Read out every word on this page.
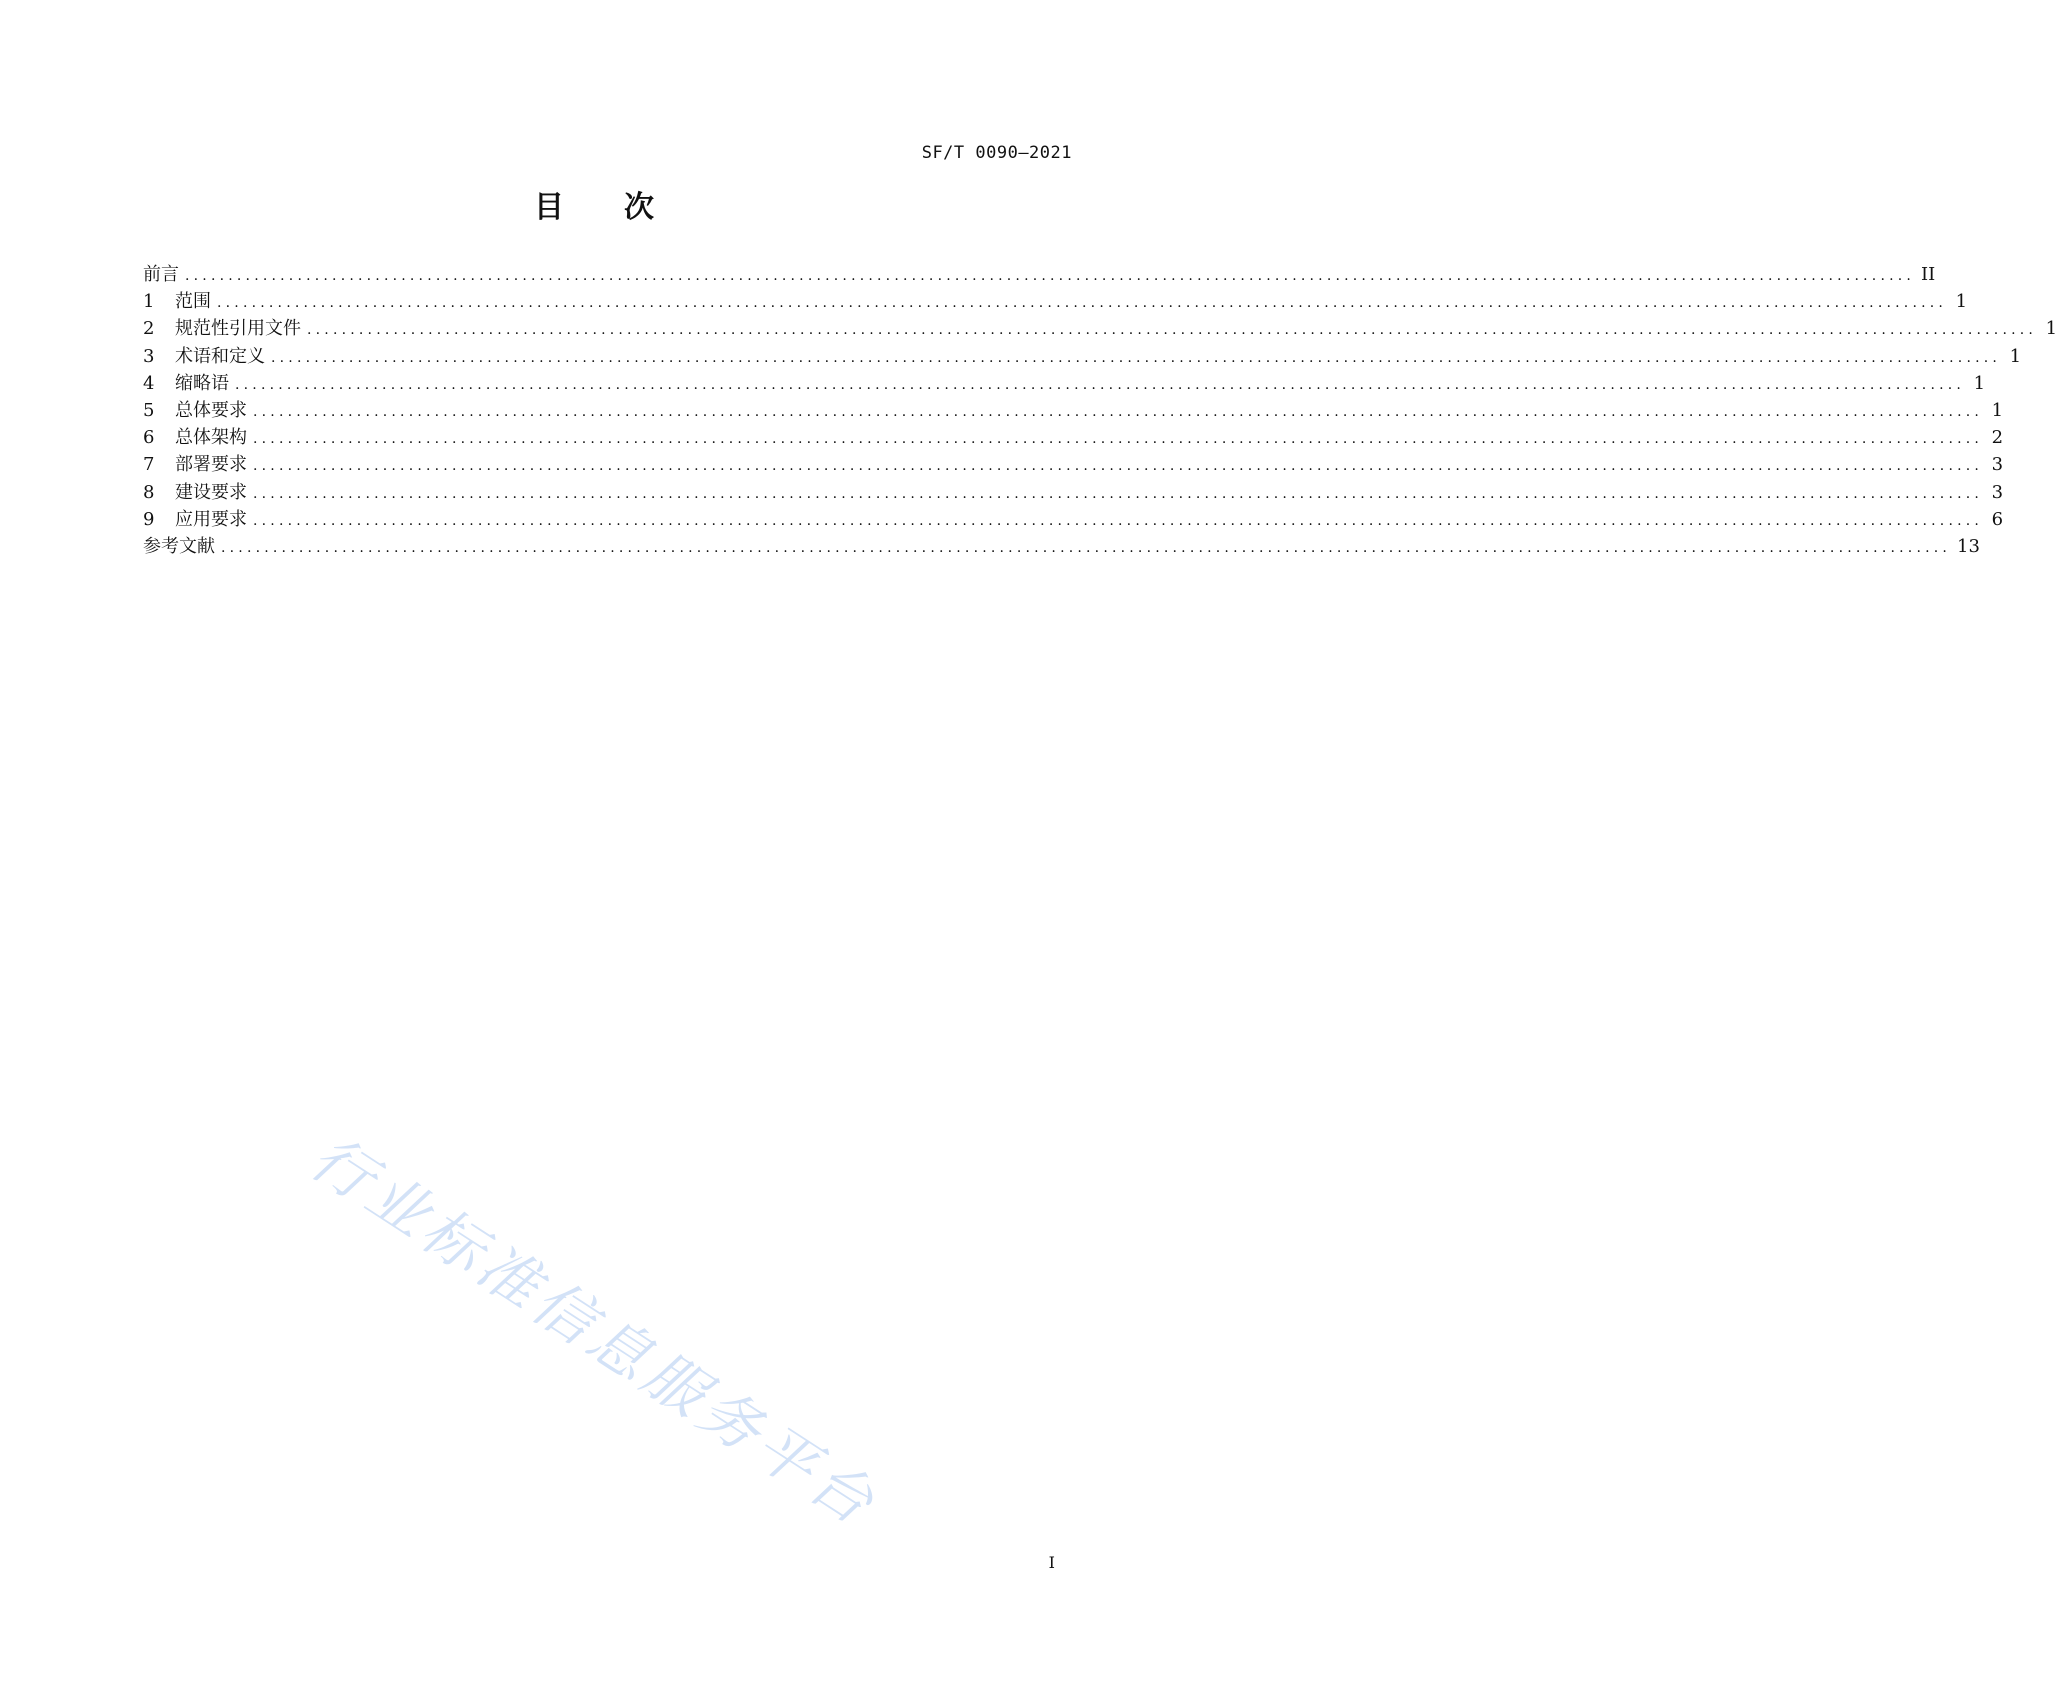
SF/T 0090—2021
目 次
前言 ........................................................................................................................................................................................................ II
1	范围 ........................................................................................................................................................................................................ 1
2	规范性引用文件 ........................................................................................................................................................................................................ 1
3	术语和定义 ........................................................................................................................................................................................................ 1
4	缩略语 ........................................................................................................................................................................................................ 1
5	总体要求 ........................................................................................................................................................................................................ 1
6	总体架构 ........................................................................................................................................................................................................ 2
7	部署要求 ........................................................................................................................................................................................................ 3
8	建设要求 ........................................................................................................................................................................................................ 3
9	应用要求 ........................................................................................................................................................................................................ 6
参考文献 ........................................................................................................................................................................................................ 13
行业标准信息服务平台
I
